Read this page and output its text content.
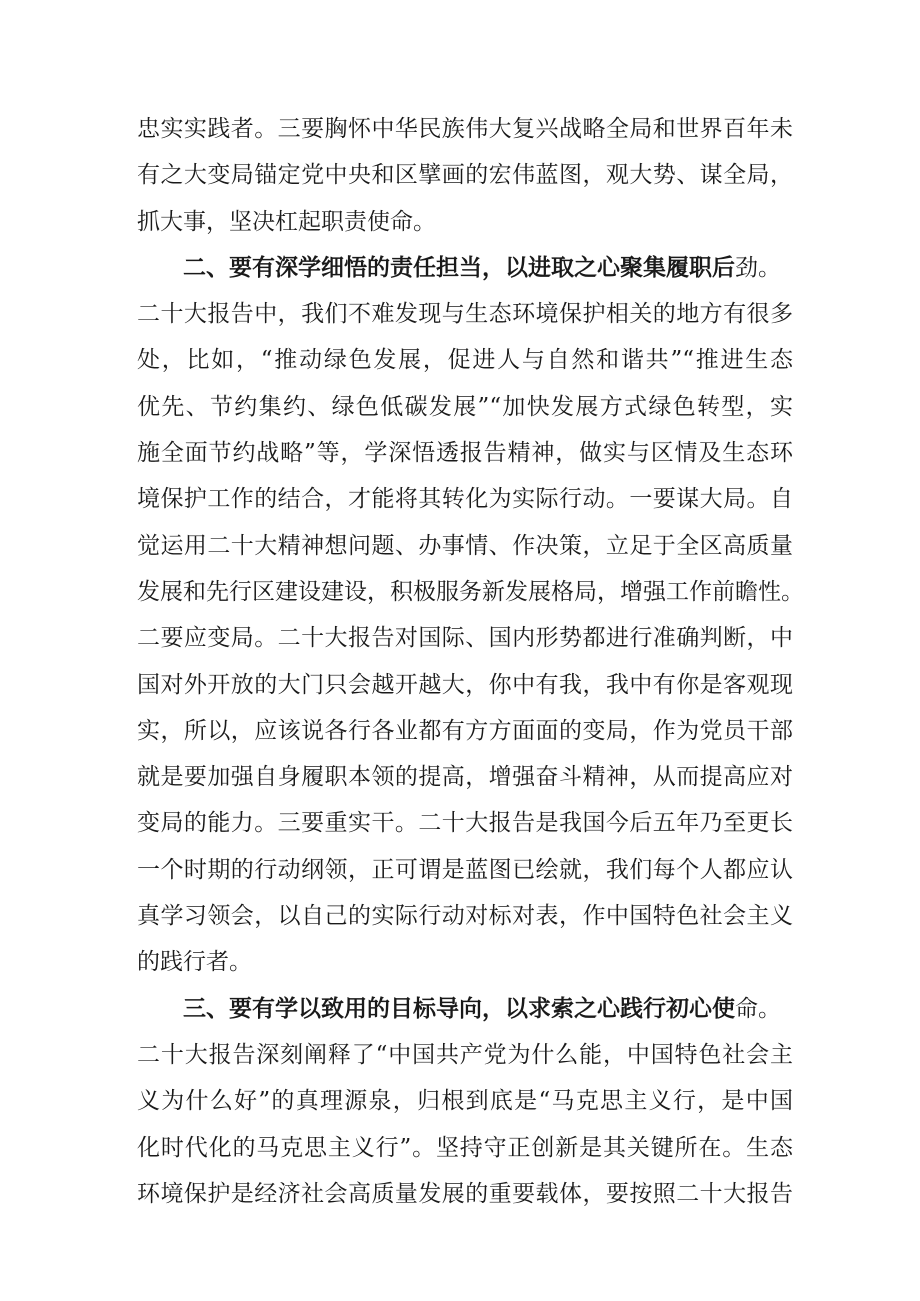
忠实实践者。三要胸怀中华民族伟大复兴战略全局和世界百年未
有之大变局锚定党中央和区擘画的宏伟蓝图，观大势、谋全局，
抓大事，坚决杠起职责使命。
二、要有深学细悟的责任担当，以进取之心聚集履职后劲。
二十大报告中，我们不难发现与生态环境保护相关的地方有很多
处，比如，“推动绿色发展，促进人与自然和谐共”“推进生态
优先、节约集约、绿色低碳发展”“加快发展方式绿色转型，实
施全面节约战略”等，学深悟透报告精神，做实与区情及生态环
境保护工作的结合，才能将其转化为实际行动。一要谋大局。自
觉运用二十大精神想问题、办事情、作决策，立足于全区高质量
发展和先行区建设建设，积极服务新发展格局，增强工作前瞻性。
二要应变局。二十大报告对国际、国内形势都进行准确判断，中
国对外开放的大门只会越开越大，你中有我，我中有你是客观现
实，所以，应该说各行各业都有方方面面的变局，作为党员干部
就是要加强自身履职本领的提高，增强奋斗精神，从而提高应对
变局的能力。三要重实干。二十大报告是我国今后五年乃至更长
一个时期的行动纲领，正可谓是蓝图已绘就，我们每个人都应认
真学习领会，以自己的实际行动对标对表，作中国特色社会主义
的践行者。
三、要有学以致用的目标导向，以求索之心践行初心使命。
二十大报告深刻阐释了“中国共产党为什么能，中国特色社会主
义为什么好”的真理源泉，归根到底是“马克思主义行，是中国
化时代化的马克思主义行”。坚持守正创新是其关键所在。生态
环境保护是经济社会高质量发展的重要载体，要按照二十大报告
